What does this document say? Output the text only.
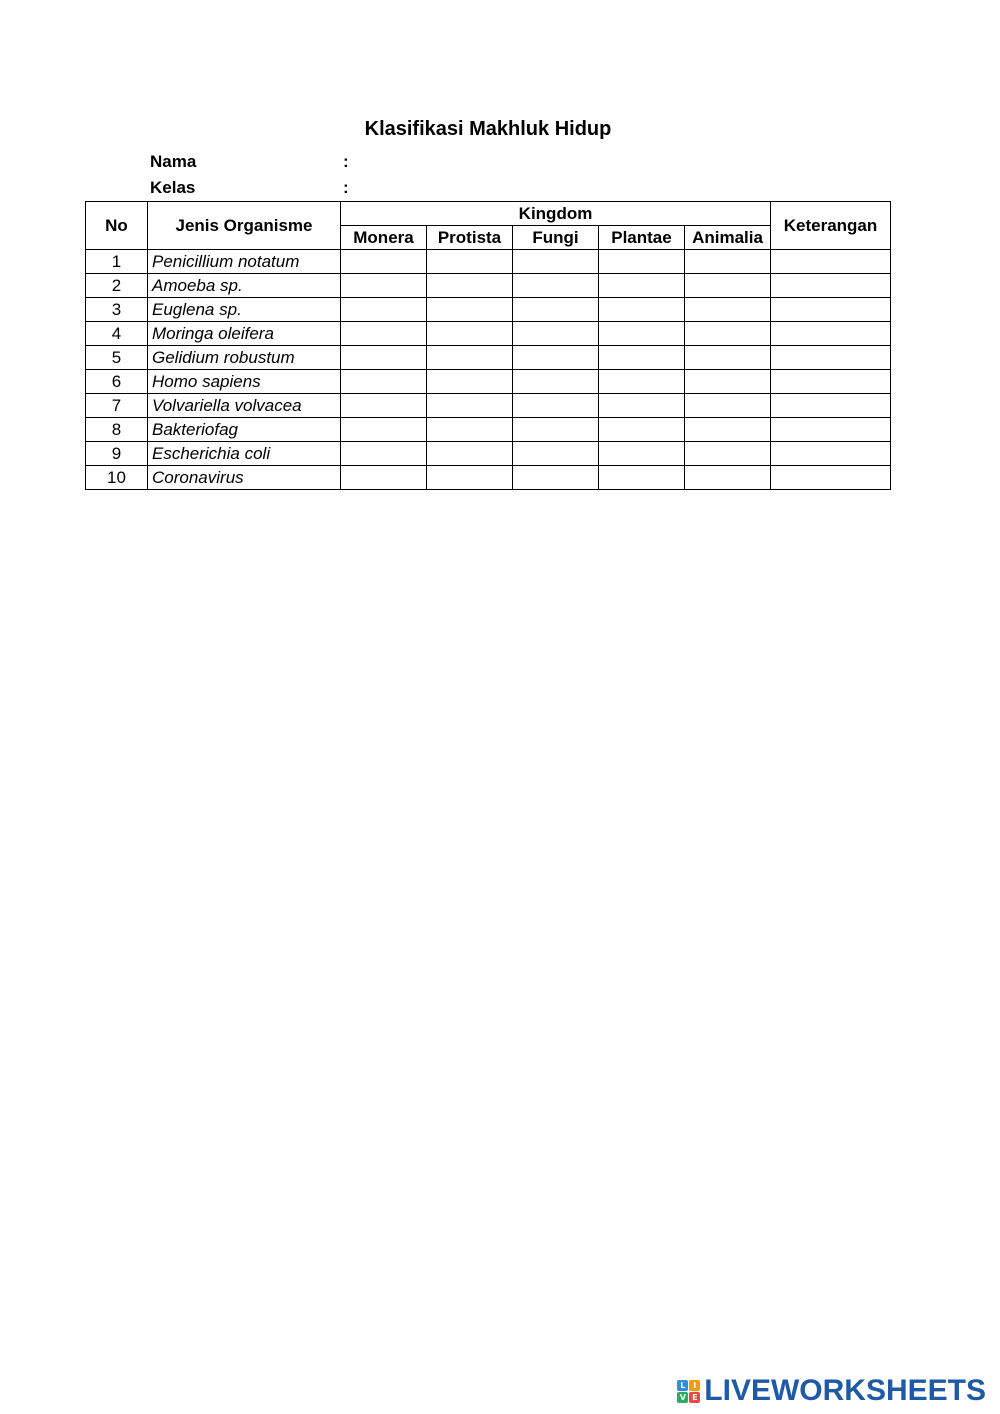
Klasifikasi Makhluk Hidup
Nama	:
Kelas	:
No	Jenis Organisme	Kingdom					Keterangan
		Monera	Protista	Fungi	Plantae	Animalia	
1	Penicillium notatum						
2	Amoeba sp.						
3	Euglena sp.						
4	Moringa oleifera						
5	Gelidium robustum						
6	Homo sapiens						
7	Volvariella volvacea						
8	Bakteriofag						
9	Escherichia coli						
10	Coronavirus						
L I
V E LIVEWORKSHEETS
